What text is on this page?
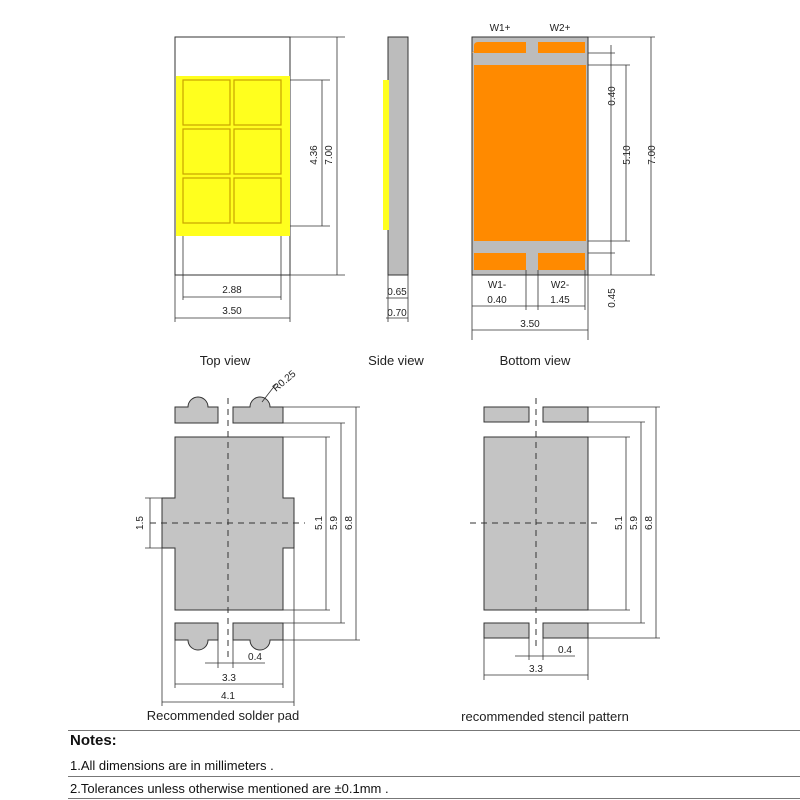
4.36 7.00
2.88
3.50
Top view
0.65
0.70
Side view
W1+	W2+
W1-	W2-
0.40
5.10 7.00
0.45
0.40	1.45
3.50
Bottom view
R0.25
1.5	5.1 5.9 6.8
0.4
3.3
4.1
Recommended solder pad
5.1 5.9 6.8
0.4
3.3
recommended stencil pattern
Notes:
1.All dimensions are in millimeters .
2.Tolerances unless otherwise mentioned are ±0.1mm .
